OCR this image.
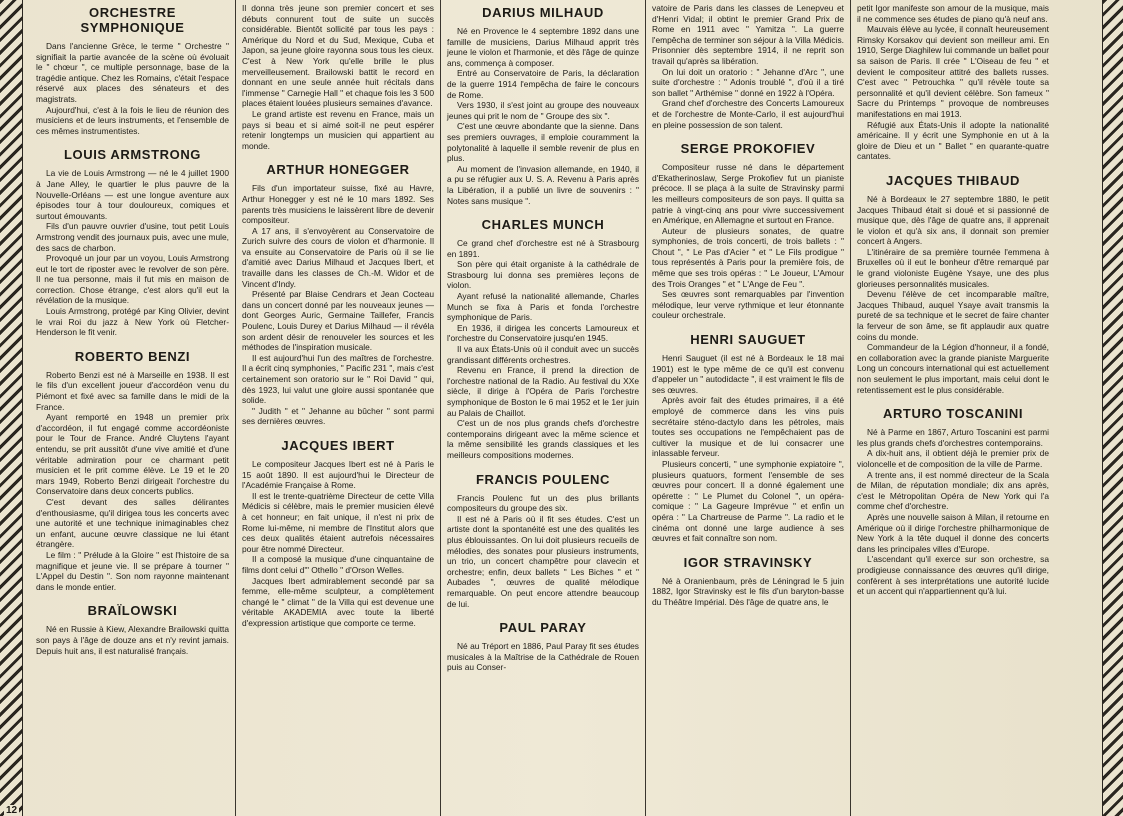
ORCHESTRE SYMPHONIQUE

Dans l'ancienne Grèce, le terme " Orchestre " signifiait la partie avancée de la scène où évoluait le " chœur ", ce multiple personnage, base de la tragédie antique. Chez les Romains, c'était l'espace réservé aux places des sénateurs et des magistrats.

Aujourd'hui, c'est à la fois le lieu de réunion des musiciens et de leurs instruments, et l'ensemble de ces mêmes instrumentistes.

LOUIS ARMSTRONG

La vie de Louis Armstrong — né le 4 juillet 1900 à Jane Alley, le quartier le plus pauvre de la Nouvelle-Orléans — est une longue aventure aux épisodes tour à tour douloureux, comiques et surtout émouvants.

Fils d'un pauvre ouvrier d'usine, tout petit Louis Armstrong vendit des journaux puis, avec une mule, des sacs de charbon.

Provoqué un jour par un voyou, Louis Armstrong eut le tort de riposter avec le revolver de son père. Il ne tua personne, mais il fut mis en maison de correction. Chose étrange, c'est alors qu'il eut la révélation de la musique.

Louis Armstrong, protégé par King Olivier, devint le vrai Roi du jazz à New York où Fletcher-Henderson le fit venir.

ROBERTO BENZI

Roberto Benzi est né à Marseille en 1938. Il est le fils d'un excellent joueur d'accordéon venu du Piémont et fixé avec sa famille dans le midi de la France.

Ayant remporté en 1948 un premier prix d'accordéon, il fut engagé comme accordéoniste pour le Tour de France. André Cluytens l'ayant entendu, se prit aussitôt d'une vive amitié et d'une véritable admiration pour ce charmant petit musicien et le prit comme élève. Le 19 et le 20 mars 1949, Roberto Benzi dirigeait l'orchestre du Conservatoire dans deux concerts publics.

C'est devant des salles délirantes d'enthousiasme, qu'il dirigea tous les concerts avec une autorité et une technique inimaginables chez un enfant, aucune œuvre classique ne lui étant étrangère.

Le film : " Prélude à la Gloire " est l'histoire de sa magnifique et jeune vie. Il se prépare à tourner " L'Appel du Destin ". Son nom rayonne maintenant dans le monde entier.

BRAÏLOWSKI

Né en Russie à Kiew, Alexandre Brailowski quitta son pays à l'âge de douze ans et n'y revint jamais. Depuis huit ans, il est naturalisé français.

Il donna très jeune son premier concert et ses débuts connurent tout de suite un succès considérable. Bientôt sollicité par tous les pays : Amérique du Nord et du Sud, Mexique, Cuba et Japon, sa jeune gloire rayonna sous tous les cieux. C'est à New York qu'elle brille le plus merveilleusement. Brailowski battit le record en donnant en une seule année huit récitals dans l'immense " Carnegie Hall " et chaque fois les 3 500 places étaient louées plusieurs semaines d'avance.

Le grand artiste est revenu en France, mais un pays si beau et si aimé soit-il ne peut espérer retenir longtemps un musicien qui appartient au monde.

ARTHUR HONEGGER

Fils d'un importateur suisse, fixé au Havre, Arthur Honegger y est né le 10 mars 1892. Ses parents très musiciens le laissèrent libre de devenir compositeur.

A 17 ans, il s'envoyèrent au Conservatoire de Zurich suivre des cours de violon et d'harmonie. Il va ensuite au Conservatoire de Paris où il se lie d'amitié avec Darius Milhaud et Jacques Ibert, et travaille dans les classes de Ch.-M. Widor et de Vincent d'Indy.

Présenté par Blaise Cendrars et Jean Cocteau dans un concert donné par les nouveaux jeunes — dont Georges Auric, Germaine Taillefer, Francis Poulenc, Louis Durey et Darius Milhaud — il révéla son ardent désir de renouveler les sources et les méthodes de l'inspiration musicale.

Il est aujourd'hui l'un des maîtres de l'orchestre. Il a écrit cinq symphonies, " Pacific 231 ", mais c'est certainement son oratorio sur le " Roi David " qui, dès 1923, lui valut une gloire aussi spontanée que solide.

" Judith " et " Jehanne au bûcher " sont parmi ses dernières œuvres.

JACQUES IBERT

Le compositeur Jacques Ibert est né à Paris le 15 août 1890. Il est aujourd'hui le Directeur de l'Académie Française à Rome.

Il est le trente-quatrième Directeur de cette Villa Médicis si célèbre, mais le premier musicien élevé à cet honneur; en fait unique, il n'est ni prix de Rome lui-même, ni membre de l'Institut alors que ces deux qualités étaient autrefois nécessaires pour être nommé Directeur.

Il a composé la musique d'une cinquantaine de films dont celui d'" Othello " d'Orson Welles.

Jacques Ibert admirablement secondé par sa femme, elle-même sculpteur, a complètement changé le " climat " de la Villa qui est devenue une véritable AKADEMIA avec toute la liberté d'expression artistique que comporte ce terme.

DARIUS MILHAUD

Né en Provence le 4 septembre 1892 dans une famille de musiciens, Darius Milhaud apprit très jeune le violon et l'harmonie, et dès l'âge de quinze ans, commença à composer.

Entré au Conservatoire de Paris, la déclaration de la guerre 1914 l'empêcha de faire le concours de Rome.

Vers 1930, il s'est joint au groupe des nouveaux jeunes qui prit le nom de " Groupe des six ".

C'est une œuvre abondante que la sienne. Dans ses premiers ouvrages, il emploie couramment la polytonalité à laquelle il semble revenir de plus en plus.

Au moment de l'invasion allemande, en 1940, il a pu se réfugier aux U. S. A. Revenu à Paris après la Libération, il a publié un livre de souvenirs : " Notes sans musique ".

CHARLES MUNCH

Ce grand chef d'orchestre est né à Strasbourg en 1891.

Son père qui était organiste à la cathédrale de Strasbourg lui donna ses premières leçons de violon.

Ayant refusé la nationalité allemande, Charles Munch se fixa à Paris et fonda l'orchestre symphonique de Paris.

En 1936, il dirigea les concerts Lamoureux et l'orchestre du Conservatoire jusqu'en 1945.

Il va aux États-Unis où il conduit avec un succès grandissant différents orchestres.

Revenu en France, il prend la direction de l'orchestre national de la Radio. Au festival du XXe siècle, il dirige à l'Opéra de Paris l'orchestre symphonique de Boston le 6 mai 1952 et le 1er juin au Palais de Chaillot.

C'est un de nos plus grands chefs d'orchestre contemporains dirigeant avec la même science et la même sensibilité les grands classiques et les meilleurs compositions modernes.

FRANCIS POULENC

Francis Poulenc fut un des plus brillants compositeurs du groupe des six.

Il est né à Paris où il fit ses études. C'est un artiste dont la spontanéité est une des qualités les plus éblouissantes. On lui doit plusieurs recueils de mélodies, des sonates pour plusieurs instruments, un trio, un concert champêtre pour clavecin et orchestre; enfin, deux ballets " Les Biches " et " Aubades ", œuvres de qualité mélodique remarquable. On peut encore attendre beaucoup de lui.

PAUL PARAY

Né au Tréport en 1886, Paul Paray fit ses études musicales à la Maîtrise de la Cathédrale de Rouen puis au Conser-

vatoire de Paris dans les classes de Lenepveu et d'Henri Vidal; il obtint le premier Grand Prix de Rome en 1911 avec " Yamitza ". La guerre l'empêcha de terminer son séjour à la Villa Médicis. Prisonnier dès septembre 1914, il ne reprit son travail qu'après sa libération.

On lui doit un oratorio : " Jehanne d'Arc ", une suite d'orchestre : " Adonis troublé ", d'où il a tiré son ballet " Arthémise " donné en 1922 à l'Opéra.

Grand chef d'orchestre des Concerts Lamoureux et de l'orchestre de Monte-Carlo, il est aujourd'hui en pleine possession de son talent.

SERGE PROKOFIEV

Compositeur russe né dans le département d'Ekatherinoslaw, Serge Prokofiev fut un pianiste précoce. Il se plaça à la suite de Stravinsky parmi les meilleurs compositeurs de son pays. Il quitta sa patrie à vingt-cinq ans pour vivre successivement en Amérique, en Allemagne et surtout en France.

Auteur de plusieurs sonates, de quatre symphonies, de trois concerti, de trois ballets : " Chout ", " Le Pas d'Acier " et " Le Fils prodigue " tous représentés à Paris pour la première fois, de même que ses trois opéras : " Le Joueur, L'Amour des Trois Oranges " et " L'Ange de Feu ".

Ses œuvres sont remarquables par l'invention mélodique, leur verve rythmique et leur étonnante couleur orchestrale.

HENRI SAUGUET

Henri Sauguet (il est né à Bordeaux le 18 mai 1901) est le type même de ce qu'il est convenu d'appeler un " autodidacte ", il est vraiment le fils de ses œuvres.

Après avoir fait des études primaires, il a été employé de commerce dans les vins puis secrétaire sténo-dactylo dans les pétroles, mais toutes ses occupations ne l'empêchaient pas de cultiver la musique et de lui consacrer une inlassable ferveur.

Plusieurs concerti, " une symphonie expiatoire ", plusieurs quatuors, forment l'ensemble de ses œuvres pour concert. Il a donné également une opérette : " Le Plumet du Colonel ", un opéra-comique : " La Gageure Imprévue " et enfin un opéra : " La Chartreuse de Parme ". La radio et le cinéma ont donné une large audience à ses œuvres et fait connaître son nom.

IGOR STRAVINSKY

Né à Oranienbaum, près de Léningrad le 5 juin 1882, Igor Stravinsky est le fils d'un baryton-basse du Théâtre Impérial. Dès l'âge de quatre ans, le

petit Igor manifeste son amour de la musique, mais il ne commence ses études de piano qu'à neuf ans.

Mauvais élève au lycée, il connaît heureusement Rimsky Korsakov qui devient son meilleur ami. En 1910, Serge Diaghilew lui commande un ballet pour sa saison de Paris. Il crée " L'Oiseau de feu " et devient le compositeur attitré des ballets russes. C'est avec " Petrouchka " qu'il révèle toute sa personnalité et qu'il devient célèbre. Son fameux " Sacre du Printemps " provoque de nombreuses manifestations en mai 1913.

Réfugié aux États-Unis il adopte la nationalité américaine. Il y écrit une Symphonie en ut à la gloire de Dieu et un " Ballet " en quarante-quatre cantates.

JACQUES THIBAUD

Né à Bordeaux le 27 septembre 1880, le petit Jacques Thibaud était si doué et si passionné de musique que, dès l'âge de quatre ans, il apprenait le violon et qu'à six ans, il donnait son premier concert à Angers.

L'itinéraire de sa première tournée l'emmena à Bruxelles où il eut le bonheur d'être remarqué par le grand violoniste Eugène Ysaye, une des plus glorieuses personnalités musicales.

Devenu l'élève de cet incomparable maître, Jacques Thibaud, auquel Ysaye avait transmis la pureté de sa technique et le secret de faire chanter la ferveur de son âme, se fit applaudir aux quatre coins du monde.

Commandeur de la Légion d'honneur, il a fondé, en collaboration avec la grande pianiste Marguerite Long un concours international qui est actuellement non seulement le plus important, mais celui dont le retentissement est le plus considérable.

ARTURO TOSCANINI

Né à Parme en 1867, Arturo Toscanini est parmi les plus grands chefs d'orchestres contemporains.

A dix-huit ans, il obtient déjà le premier prix de violoncelle et de composition de la ville de Parme.

A trente ans, il est nommé directeur de la Scala de Milan, de réputation mondiale; dix ans après, c'est le Métropolitan Opéra de New York qui l'a comme chef d'orchestre.

Après une nouvelle saison à Milan, il retourne en Amérique où il dirige l'orchestre philharmonique de New York à la tête duquel il donne des concerts dans les principales villes d'Europe.

L'ascendant qu'il exerce sur son orchestre, sa prodigieuse connaissance des œuvres qu'il dirige, confèrent à ses interprétations une autorité lucide et un accent qui n'appartiennent qu'à lui.

12
